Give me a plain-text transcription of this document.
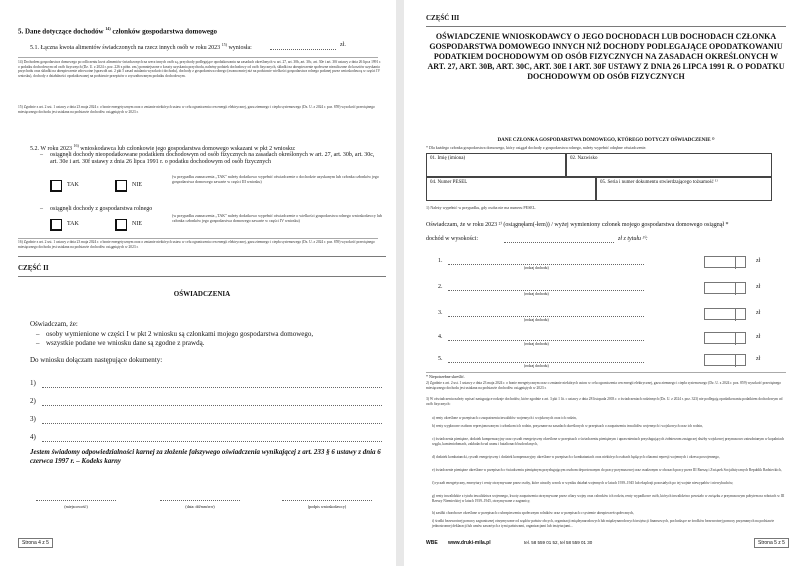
5. Dane dotyczące dochodów $^{14)}$ członków gospodarstwa domowego
5.1. Łączna kwota alimentów świadczonych na rzecz innych osób w roku 2023 $^{15)}$ wyniosła:	zł.
14) Dochodem gospodarstwa domowego po odliczeniu kwot alimentów świadczonych na rzecz innych osób są, przychody podlegające opodatkowaniu na zasadach określonych w art. 27, art. 30b, art. 30c, art. 30e i art. 30f ustawy z dnia 26 lipca 1991 r. o podatku dochodowym od osób fizycznych (Dz. U. z 2024 r. poz. 226 z późn. zm.) pomniejszone o koszty uzyskania przychodu, należny podatek dochodowy od osób fizycznych, składki na ubezpieczenie społeczne niezaliczone do kosztów uzyskania przychodu oraz składki na ubezpieczenie zdrowotne (sprawdź ust. 2 pkt 5 zasad ustalania wysokości dochodu), dochody z gospodarstwa rolnego (zwana mniej niż na podstawie wielkości gospodarstwa rolnego podanej przez wnioskodawcę w części IV wniosku), dochody z działalności opodatkowanej na podstawie przepisów o zryczałtowanym podatku dochodowym.
15) Zgodnie z art. 2 ust. 1 ustawy z dnia 23 maja 2024 r. o bonie energetycznym oraz o zmianie niektórych ustaw w celu ograniczenia cen energii elektrycznej, gazu ziemnego i ciepła systemowego (Dz. U. z 2024 r. poz. 859) wysokość przeciętnego miesięcznego dochodu jest ustalana na podstawie dochodów osiągniętych w 2023 r.
5.2. W roku 2023 $^{16)}$ wnioskodawca lub członkowie jego gospodarstwa domowego wskazani w pkt 2 wniosku:
–	osiągnęli dochody nieopodatkowane podatkiem dochodowym od osób fizycznych na zasadach określonych w art. 27, art. 30b, art. 30c, art. 30e i art. 30f ustawy z dnia 26 lipca 1991 r. o podatku dochodowym od osób fizycznych
TAK	NIE
(w przypadku zaznaczenia „TAK” należy dodatkowo wypełnić oświadczenie o dochodzie uzyskanym lub członka członków jego gospodarstwa domowego zawarte w części III wniosku)
–	osiągnęli dochody z gospodarstwa rolnego
TAK	NIE
(w przypadku zaznaczenia „TAK” należy dodatkowo wypełnić oświadczenie o wielkości gospodarstwa rolnego wnioskodawcy lub członka członków jego gospodarstwa domowego zawarte w części IV wniosku)
16) Zgodnie z art. 2 ust. 1 ustawy z dnia 23 maja 2024 r. o bonie energetycznym oraz o zmianie niektórych ustaw w celu ograniczenia cen energii elektrycznej, gazu ziemnego i ciepła systemowego (Dz. U. z 2024 r. poz. 859) wysokość przeciętnego miesięcznego dochodu jest ustalana na podstawie dochodów osiągniętych w 2023 r.
CZĘŚĆ II
OŚWIADCZENIA
Oświadczam, że:
– osoby wymienione w części I w pkt 2 wniosku są członkami mojego gospodarstwa domowego,
– wszystkie podane we wniosku dane są zgodne z prawdą.
Do wniosku dołączam następujące dokumenty:
1)
2)
3)
4)
Jestem świadomy odpowiedzialności karnej za złożenie fałszywego oświadczenia wynikającej z art. 233 § 6 ustawy z dnia 6 czerwca 1997 r. – Kodeks karny
(miejscowość)	(data: dd/mm/rrrr)	(podpis wnioskodawcy)
Strona 4 z 5
CZĘŚĆ III
OŚWIADCZENIE WNIOSKODAWCY O JEGO DOCHODACH LUB DOCHODACH CZŁONKA GOSPODARSTWA DOMOWEGO INNYCH NIŻ DOCHODY PODLEGAJĄCE OPODATKOWANIU PODATKIEM DOCHODOWYM OD OSÓB FIZYCZNYCH NA ZASADACH OKREŚLONYCH W ART. 27, ART. 30B, ART. 30C, ART. 30E I ART. 30F USTAWY Z DNIA 26 LIPCA 1991 R. O PODATKU DOCHODOWYM OD OSÓB FIZYCZNYCH
DANE CZŁONKA GOSPODARSTWA DOMOWEGO, KTÓREGO DOTYCZY OŚWIADCZENIE ¹⁾
* Dla każdego członka gospodarstwa domowego, który osiągał dochody z gospodarstwa rolnego, należy wypełnić odrębne oświadczenie.
01. Imię (imiona)	02. Nazwisko
04. Numer PESEL	05. Seria i numer dokumentu stwierdzającego tożsamość ¹⁾
1) Należy wypełnić w przypadku, gdy osoba nie ma numeru PESEL.
Oświadczam, że w roku 2023 ²⁾ (osiągnęłam(-łem)) / wyżej wymieniony członek mojego gospodarstwa domowego osiągnął *
dochód w wysokości:	zł z tytułu ³⁾:
1.
(rodzaj dochodu)
zł
2.
(rodzaj dochodu)
zł
3.
(rodzaj dochodu)
zł
4.
(rodzaj dochodu)
zł
5.
(rodzaj dochodu)
zł
* Niepotrzebne skreślić.
2) Zgodnie z art. 2 ust. 1 ustawy z dnia 23 maja 2024 r. o bonie energetycznym oraz o zmianie niektórych ustaw w celu ograniczenia cen energii elektrycznej, gazu ziemnego i ciepła systemowego (Dz. U. z 2024 r. poz. 859) wysokość przeciętnego miesięcznego dochodu jest ustalana na podstawie dochodów osiągniętych w 2023 r.
3) W oświadczeniu należy wpisać następujące rodzaje dochodów, które zgodnie z art. 3 pkt 1 lit. c ustawy z dnia 28 listopada 2003 r. o świadczeniach rodzinnych (Dz. U. z 2024 r. poz. 323) nie podlegają opodatkowaniu podatkiem dochodowym od osób fizycznych:
a) renty określone w przepisach o zaopatrzeniu inwalidów wojennych i wojskowych oraz ich rodzin,
b) renty wypłacone osobom represjonowanym i członkom ich rodzin, przyznane na zasadach określonych w przepisach o zaopatrzeniu inwalidów wojennych i wojskowych oraz ich rodzin,
c) świadczenia pieniężne, dodatek kompensacyjny oraz ryczałt energetyczny określone w przepisach o świadczeniu pieniężnym i uprawnieniach przysługujących żołnierzom zastępczej służby wojskowej przymusowo zatrudnianym w kopalniach węgla, kamieniołomach, zakładach rud uranu i batalionach budowlanych,
d) dodatek kombatancki, ryczałt energetyczny i dodatek kompensacyjny określone w przepisach o kombatantach oraz niektórych osobach będących ofiarami represji wojennych i okresu powojennego,
e) świadczenie pieniężne określone w przepisach o świadczeniu pieniężnym przysługującym osobom deportowanym do pracy przymusowej oraz osadzonym w obozach pracy przez III Rzeszę i Związek Socjalistycznych Republik Radzieckich,
f) ryczałt energetyczny, emerytury i renty otrzymywane przez osoby, które utraciły wzrok w wyniku działań wojennych w latach 1939–1945 lub eksplozji pozostałych po tej wojnie niewypałów i niewybuchów,
g) renty inwalidzkie z tytułu inwalidztwa wojennego, kwoty zaopatrzenia otrzymywane przez ofiary wojny oraz członków ich rodzin, renty wypadkowe osób, których inwalidztwo powstało w związku z przymusowym pobytem na robotach w III Rzeszy Niemieckiej w latach 1939–1945, otrzymywane z zagranicy,
h) zasiłki chorobowe określone w przepisach o ubezpieczeniu społecznym rolników oraz w przepisach o systemie ubezpieczeń społecznych,
i) środki bezzwrotnej pomocy zagranicznej otrzymywane od rządów państw obcych, organizacji międzynarodowych lub międzynarodowych instytucji finansowych, pochodzące ze środków bezzwrotnej pomocy przyznanych na podstawie jednostronnej deklaracji lub umów zawartych z tymi państwami, organizacjami lub instytucjami...
WBE www.druki-mila.pl	tel. 58 559 01 52, tel 58 559 01 30	Strona 5 z 5
